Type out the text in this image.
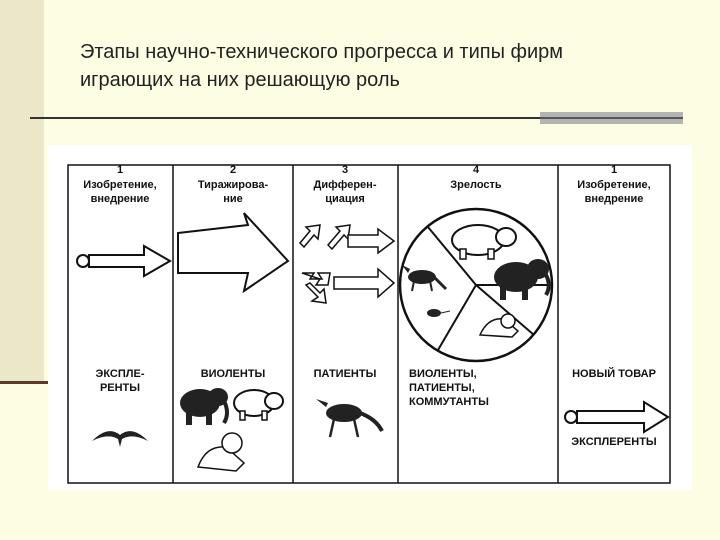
Этапы научно-технического прогресса и типы фирм
играющих на них решающую роль
1
Изобретение,
внедрение
2
Тиражирова-
ние
3
Дифферен-
циация
4
Зрелость
1
Изобретение,
внедрение
ЭКСПЛЕ-
РЕНТЫ
ВИОЛЕНТЫ	ПАТИЕНТЫ	ВИОЛЕНТЫ,
ПАТИЕНТЫ,
КОММУТАНТЫ
НОВЫЙ ТОВАР
ЭКСПЛЕРЕНТЫ
